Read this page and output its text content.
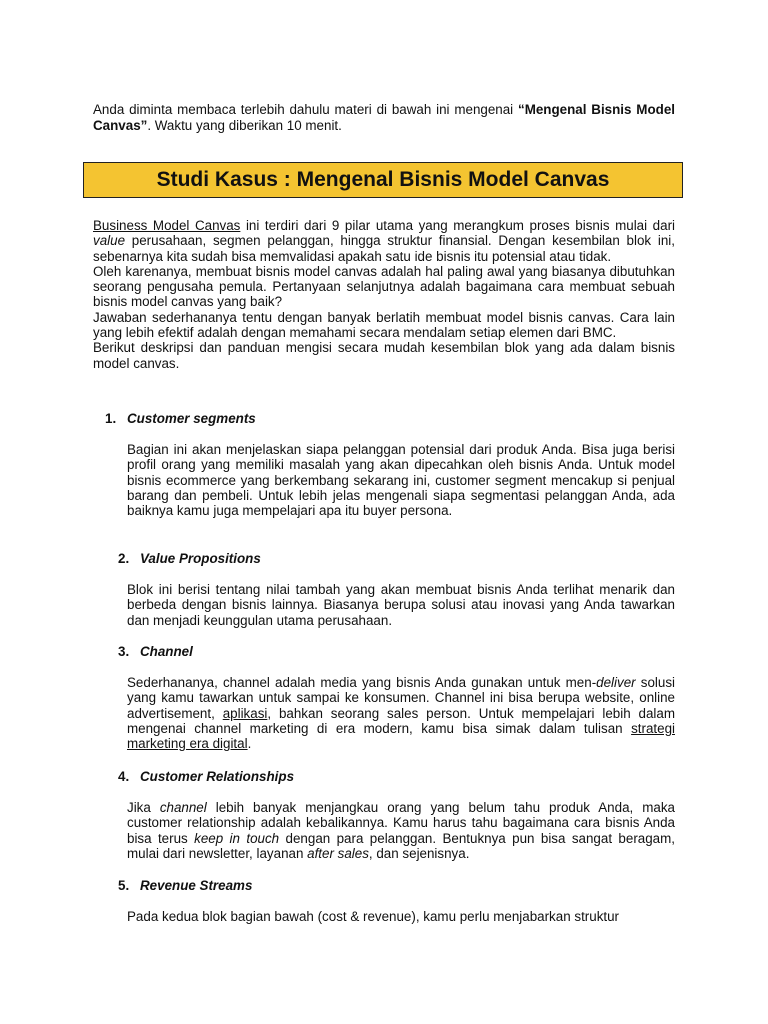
Anda diminta membaca terlebih dahulu materi di bawah ini mengenai “Mengenal Bisnis Model Canvas”. Waktu yang diberikan 10 menit.
Studi Kasus : Mengenal Bisnis Model Canvas

Business Model Canvas ini terdiri dari 9 pilar utama yang merangkum proses bisnis mulai dari value perusahaan, segmen pelanggan, hingga struktur finansial. Dengan kesembilan blok ini, sebenarnya kita sudah bisa memvalidasi apakah satu ide bisnis itu potensial atau tidak.

Oleh karenanya, membuat bisnis model canvas adalah hal paling awal yang biasanya dibutuhkan seorang pengusaha pemula. Pertanyaan selanjutnya adalah bagaimana cara membuat sebuah bisnis model canvas yang baik?

Jawaban sederhananya tentu dengan banyak berlatih membuat model bisnis canvas. Cara lain yang lebih efektif adalah dengan memahami secara mendalam setiap elemen dari BMC.

Berikut deskripsi dan panduan mengisi secara mudah kesembilan blok yang ada dalam bisnis model canvas.

1. Customer segments
Bagian ini akan menjelaskan siapa pelanggan potensial dari produk Anda. Bisa juga berisi profil orang yang memiliki masalah yang akan dipecahkan oleh bisnis Anda. Untuk model bisnis ecommerce yang berkembang sekarang ini, customer segment mencakup si penjual barang dan pembeli. Untuk lebih jelas mengenali siapa segmentasi pelanggan Anda, ada baiknya kamu juga mempelajari apa itu buyer persona.
2. Value Propositions
Blok ini berisi tentang nilai tambah yang akan membuat bisnis Anda terlihat menarik dan berbeda dengan bisnis lainnya. Biasanya berupa solusi atau inovasi yang Anda tawarkan dan menjadi keunggulan utama perusahaan.
3. Channel
Sederhananya, channel adalah media yang bisnis Anda gunakan untuk men-deliver solusi yang kamu tawarkan untuk sampai ke konsumen. Channel ini bisa berupa website, online advertisement, aplikasi, bahkan seorang sales person. Untuk mempelajari lebih dalam mengenai channel marketing di era modern, kamu bisa simak dalam tulisan strategi marketing era digital.
4. Customer Relationships
Jika channel lebih banyak menjangkau orang yang belum tahu produk Anda, maka customer relationship adalah kebalikannya. Kamu harus tahu bagaimana cara bisnis Anda bisa terus keep in touch dengan para pelanggan. Bentuknya pun bisa sangat beragam, mulai dari newsletter, layanan after sales, dan sejenisnya.
5. Revenue Streams
Pada kedua blok bagian bawah (cost & revenue), kamu perlu menjabarkan struktur
